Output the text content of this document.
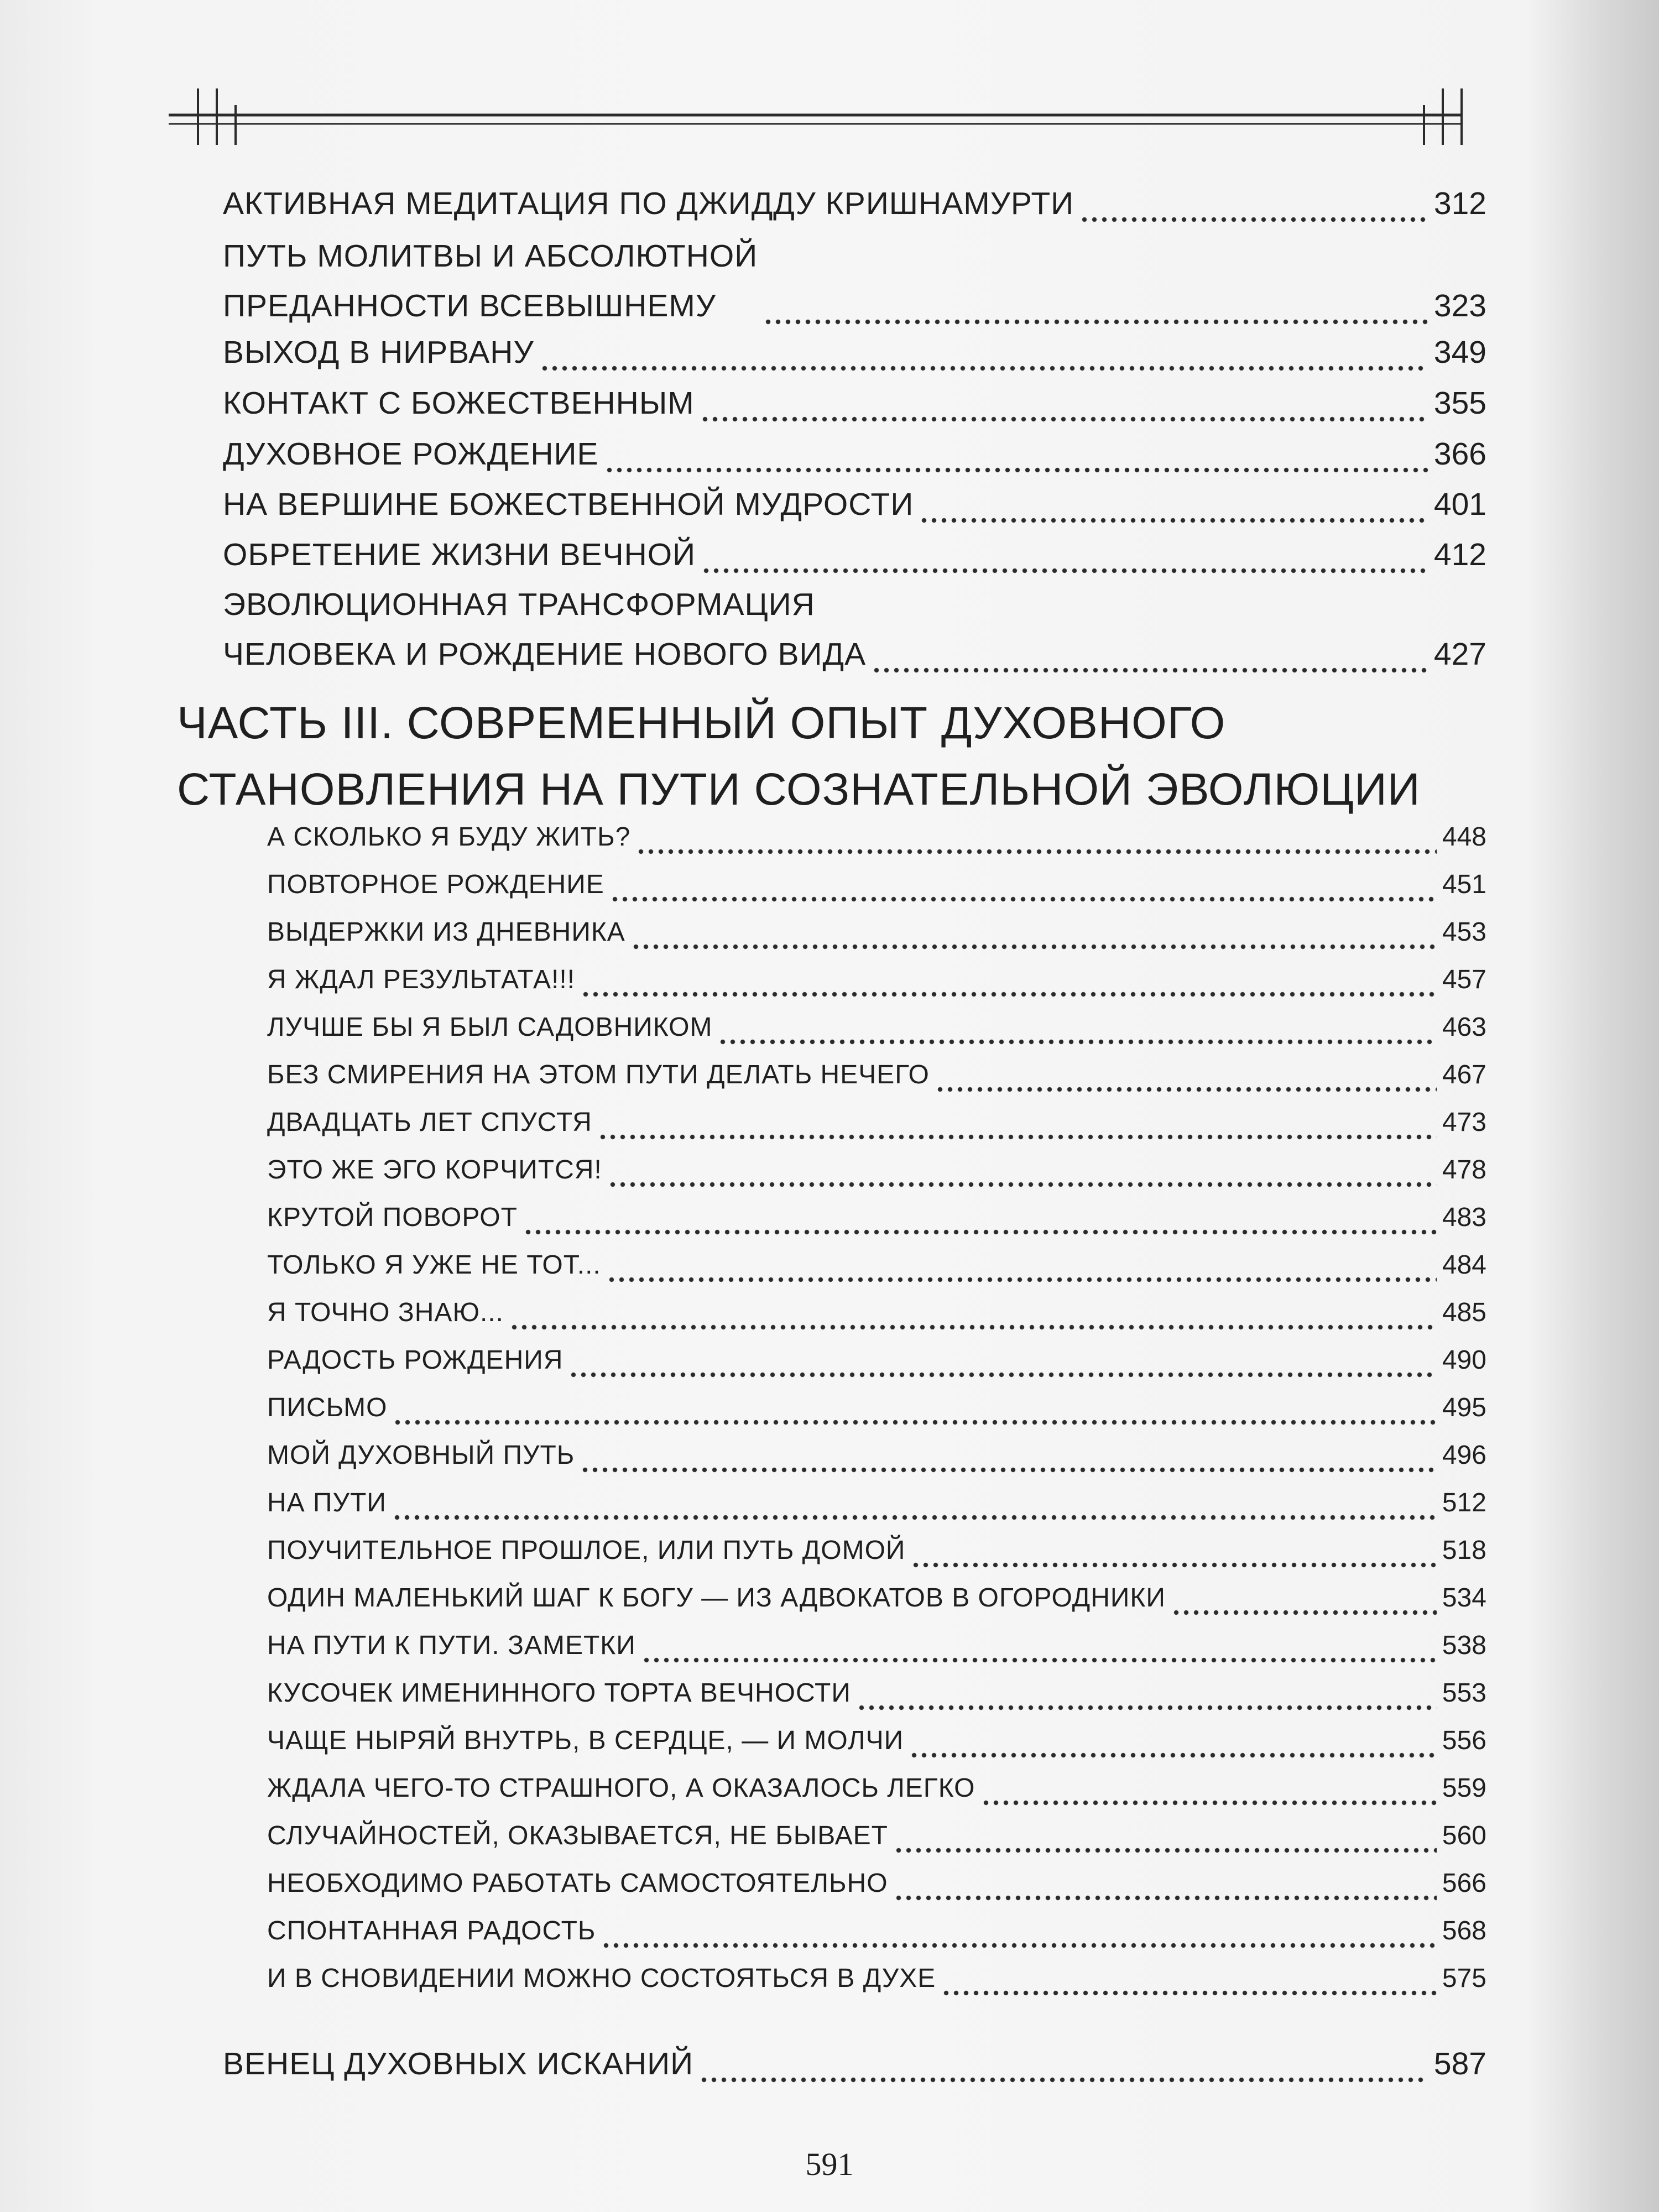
АКТИВНАЯ МЕДИТАЦИЯ ПО ДЖИДДУ КРИШНАМУРТИ	312
ПУТЬ МОЛИТВЫ И АБСОЛЮТНОЙ
ПРЕДАННОСТИ ВСЕВЫШНЕМУ	323
ВЫХОД В НИРВАНУ	349
КОНТАКТ С БОЖЕСТВЕННЫМ	355
ДУХОВНОЕ РОЖДЕНИЕ	366
НА ВЕРШИНЕ БОЖЕСТВЕННОЙ МУДРОСТИ	401
ОБРЕТЕНИЕ ЖИЗНИ ВЕЧНОЙ	412
ЭВОЛЮЦИОННАЯ ТРАНСФОРМАЦИЯ
ЧЕЛОВЕКА И РОЖДЕНИЕ НОВОГО ВИДА	427
ЧАСТЬ III. СОВРЕМЕННЫЙ ОПЫТ ДУХОВНОГО
СТАНОВЛЕНИЯ НА ПУТИ СОЗНАТЕЛЬНОЙ ЭВОЛЮЦИИ
А СКОЛЬКО Я БУДУ ЖИТЬ?	448
ПОВТОРНОЕ РОЖДЕНИЕ	451
ВЫДЕРЖКИ ИЗ ДНЕВНИКА	453
Я ЖДАЛ РЕЗУЛЬТАТА!!!	457
ЛУЧШЕ БЫ Я БЫЛ САДОВНИКОМ	463
БЕЗ СМИРЕНИЯ НА ЭТОМ ПУТИ ДЕЛАТЬ НЕЧЕГО	467
ДВАДЦАТЬ ЛЕТ СПУСТЯ	473
ЭТО ЖЕ ЭГО КОРЧИТСЯ!	478
КРУТОЙ ПОВОРОТ	483
ТОЛЬКО Я УЖЕ НЕ ТОТ...	484
Я ТОЧНО ЗНАЮ...	485
РАДОСТЬ РОЖДЕНИЯ	490
ПИСЬМО	495
МОЙ ДУХОВНЫЙ ПУТЬ	496
НА ПУТИ	512
ПОУЧИТЕЛЬНОЕ ПРОШЛОЕ, ИЛИ ПУТЬ ДОМОЙ	518
ОДИН МАЛЕНЬКИЙ ШАГ К БОГУ — ИЗ АДВОКАТОВ В ОГОРОДНИКИ	534
НА ПУТИ К ПУТИ. ЗАМЕТКИ	538
КУСОЧЕК ИМЕНИННОГО ТОРТА ВЕЧНОСТИ	553
ЧАЩЕ НЫРЯЙ ВНУТРЬ, В СЕРДЦЕ, — И МОЛЧИ	556
ЖДАЛА ЧЕГО-ТО СТРАШНОГО, А ОКАЗАЛОСЬ ЛЕГКО	559
СЛУЧАЙНОСТЕЙ, ОКАЗЫВАЕТСЯ, НЕ БЫВАЕТ	560
НЕОБХОДИМО РАБОТАТЬ САМОСТОЯТЕЛЬНО	566
СПОНТАННАЯ РАДОСТЬ	568
И В СНОВИДЕНИИ МОЖНО СОСТОЯТЬСЯ В ДУХЕ	575
ВЕНЕЦ ДУХОВНЫХ ИСКАНИЙ	587
591
